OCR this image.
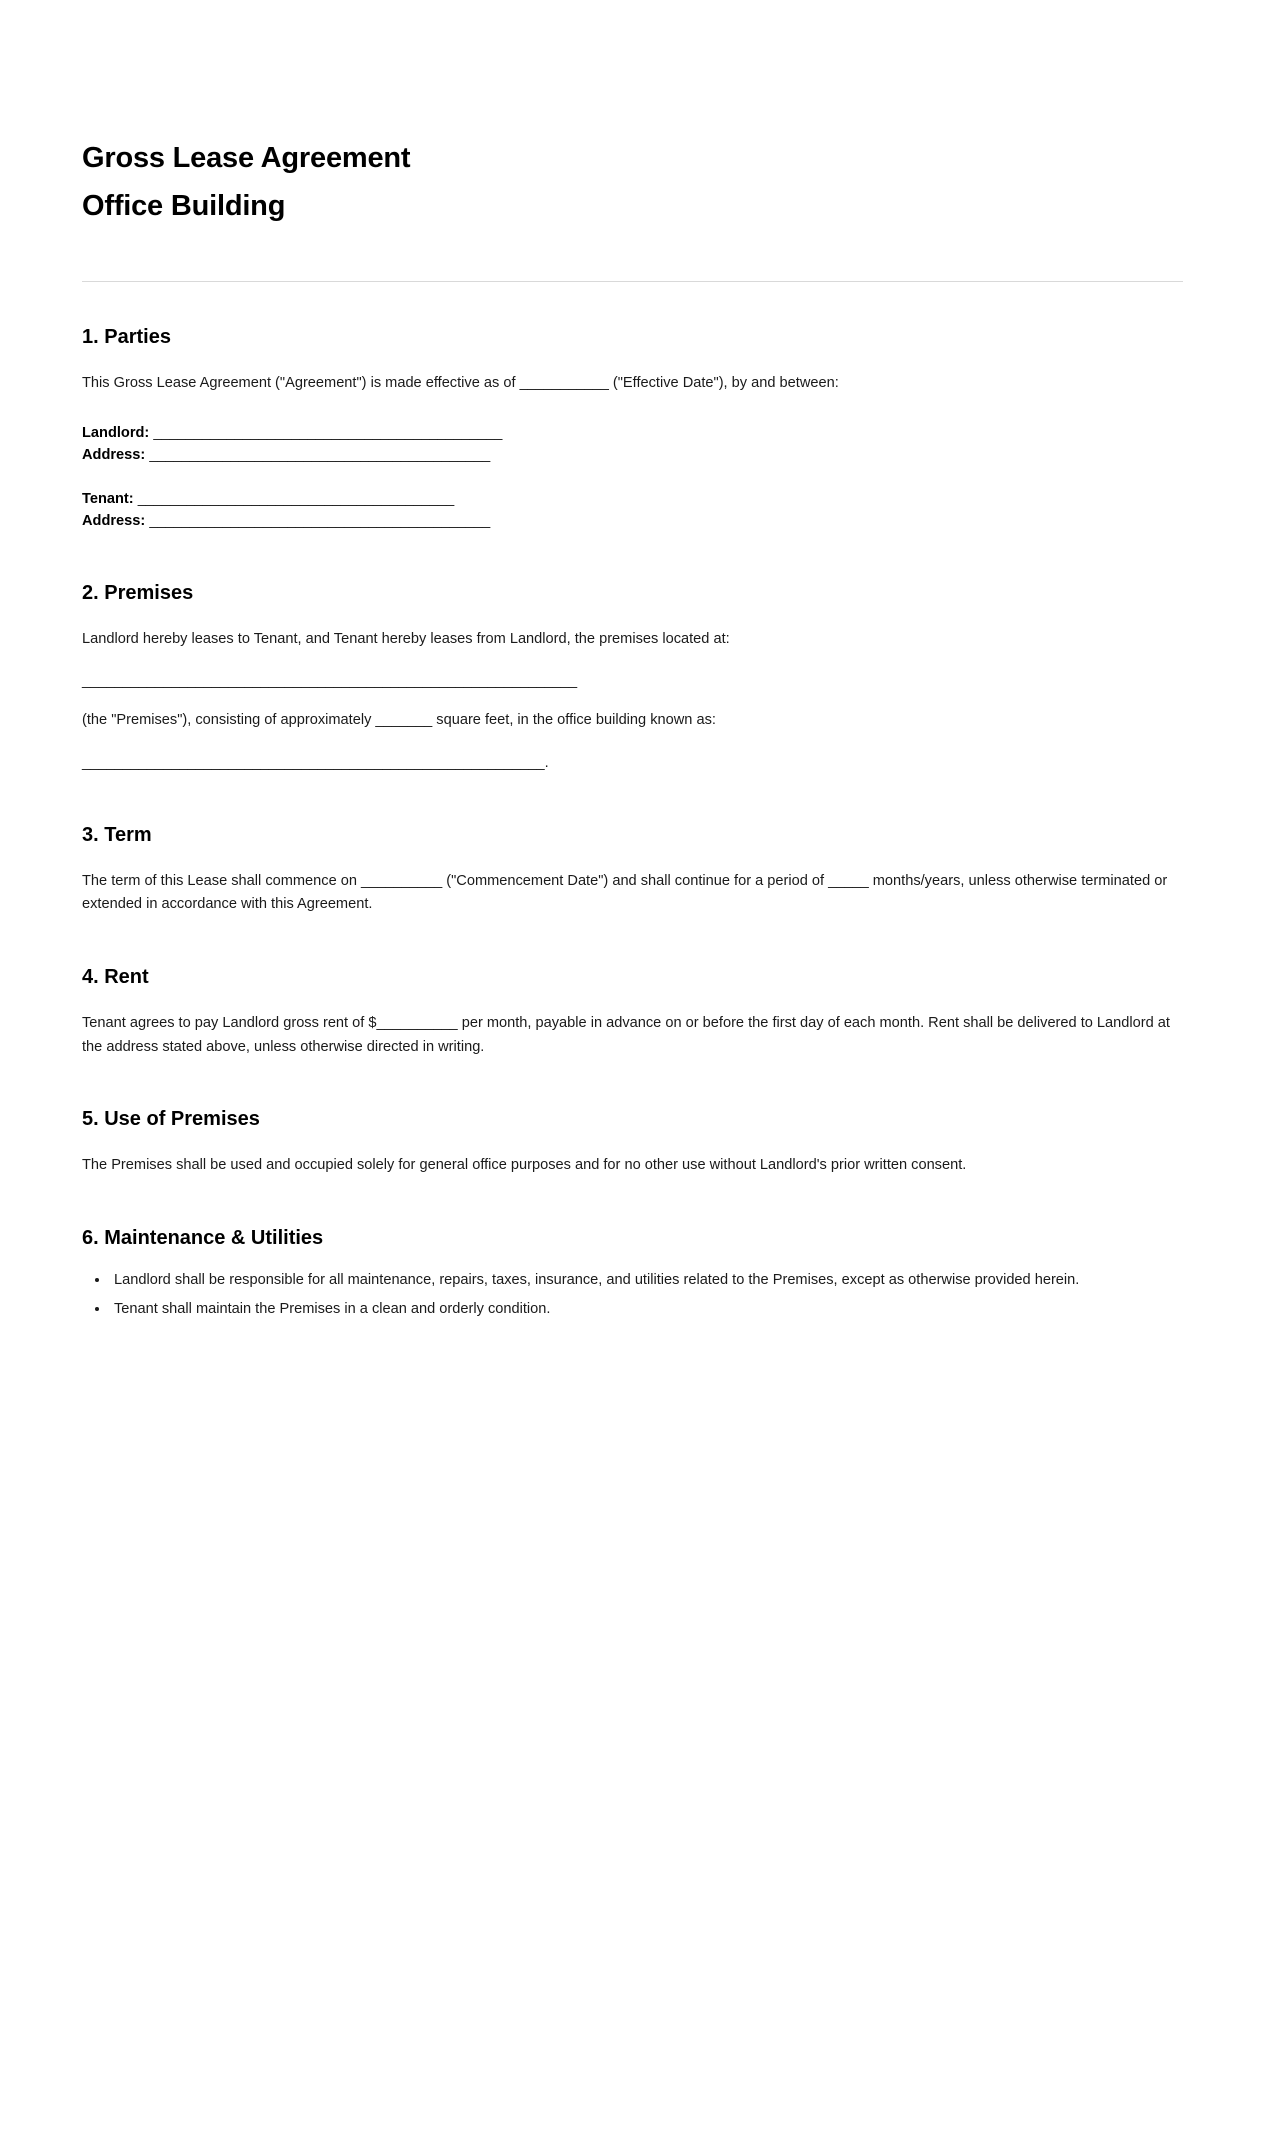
Gross Lease Agreement
Office Building
1. Parties

This Gross Lease Agreement ("Agreement") is made effective as of ___________ ("Effective Date"), by and between:

Landlord: ___________________________________________
Address: __________________________________________
Tenant: _______________________________________
Address: __________________________________________
2. Premises

Landlord hereby leases to Tenant, and Tenant hereby leases from Landlord, the premises located at:

_____________________________________________________________

(the "Premises"), consisting of approximately _______ square feet, in the office building known as:

_________________________________________________________.

3. Term

The term of this Lease shall commence on __________ ("Commencement Date") and shall continue for a period of _____ months/years, unless otherwise terminated or extended in accordance with this Agreement.

4. Rent

Tenant agrees to pay Landlord gross rent of $__________ per month, payable in advance on or before the first day of each month. Rent shall be delivered to Landlord at the address stated above, unless otherwise directed in writing.

5. Use of Premises

The Premises shall be used and occupied solely for general office purposes and for no other use without Landlord's prior written consent.

6. Maintenance & Utilities
• Landlord shall be responsible for all maintenance, repairs, taxes, insurance, and utilities related to the Premises, except as otherwise provided herein.
• Tenant shall maintain the Premises in a clean and orderly condition.
